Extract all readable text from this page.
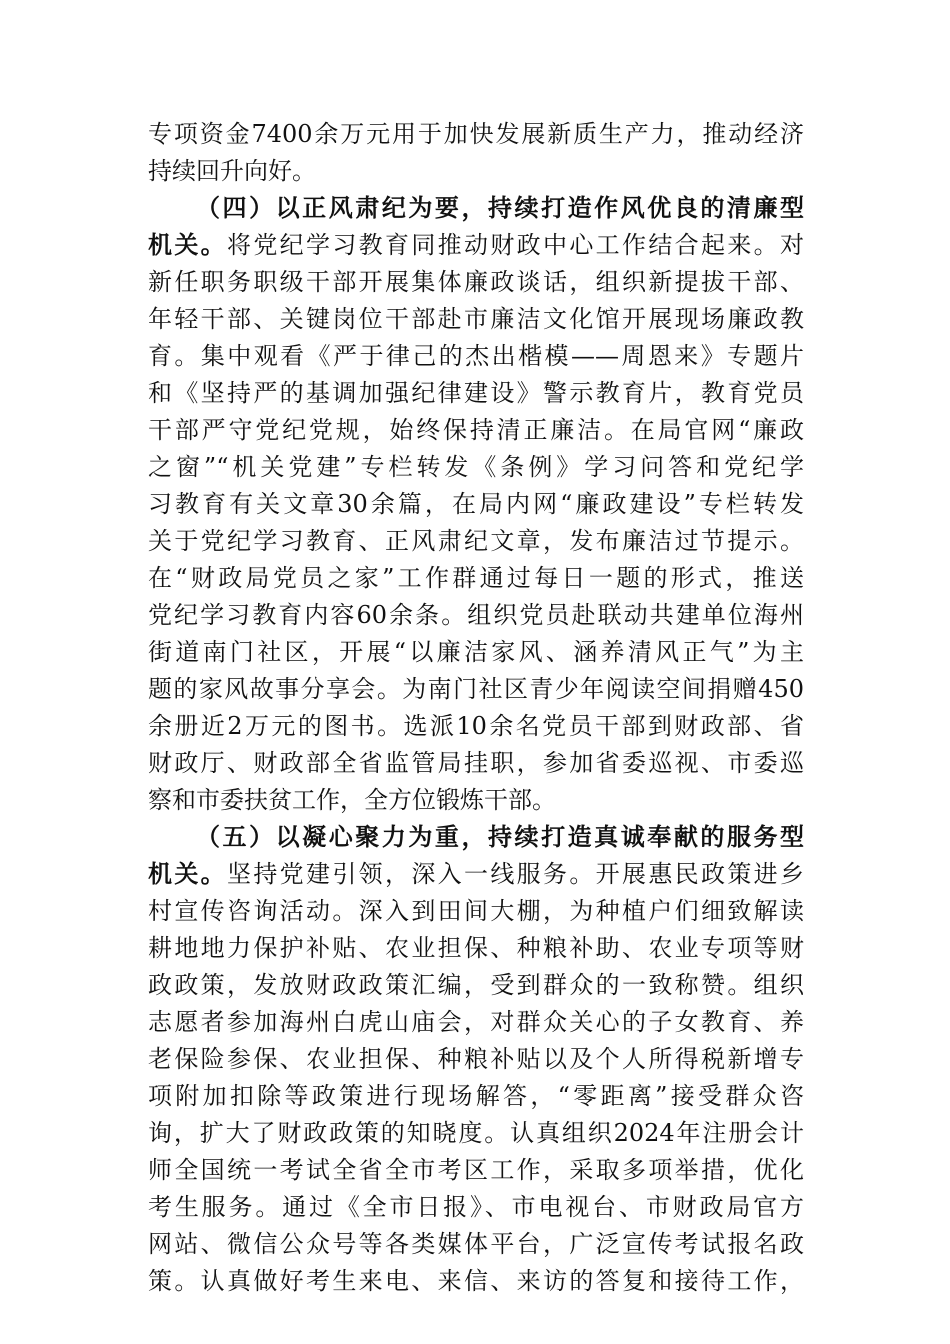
专项资金7400余万元用于加快发展新质生产力，推动经济
持续回升向好。
（四）以正风肃纪为要，持续打造作风优良的清廉型
机关。将党纪学习教育同推动财政中心工作结合起来。对
新任职务职级干部开展集体廉政谈话，组织新提拔干部、
年轻干部、关键岗位干部赴市廉洁文化馆开展现场廉政教
育。集中观看《严于律己的杰出楷模——周恩来》专题片
和《坚持严的基调加强纪律建设》警示教育片，教育党员
干部严守党纪党规，始终保持清正廉洁。在局官网“廉政
之窗”“机关党建”专栏转发《条例》学习问答和党纪学
习教育有关文章30余篇，在局内网“廉政建设”专栏转发
关于党纪学习教育、正风肃纪文章，发布廉洁过节提示。
在“财政局党员之家”工作群通过每日一题的形式，推送
党纪学习教育内容60余条。组织党员赴联动共建单位海州
街道南门社区，开展“以廉洁家风、涵养清风正气”为主
题的家风故事分享会。为南门社区青少年阅读空间捐赠450
余册近2万元的图书。选派10余名党员干部到财政部、省
财政厅、财政部全省监管局挂职，参加省委巡视、市委巡
察和市委扶贫工作，全方位锻炼干部。
（五）以凝心聚力为重，持续打造真诚奉献的服务型
机关。坚持党建引领，深入一线服务。开展惠民政策进乡
村宣传咨询活动。深入到田间大棚，为种植户们细致解读
耕地地力保护补贴、农业担保、种粮补助、农业专项等财
政政策，发放财政政策汇编，受到群众的一致称赞。组织
志愿者参加海州白虎山庙会，对群众关心的子女教育、养
老保险参保、农业担保、种粮补贴以及个人所得税新增专
项附加扣除等政策进行现场解答，“零距离”接受群众咨
询，扩大了财政政策的知晓度。认真组织2024年注册会计
师全国统一考试全省全市考区工作，采取多项举措，优化
考生服务。通过《全市日报》、市电视台、市财政局官方
网站、微信公众号等各类媒体平台，广泛宣传考试报名政
策。认真做好考生来电、来信、来访的答复和接待工作，
